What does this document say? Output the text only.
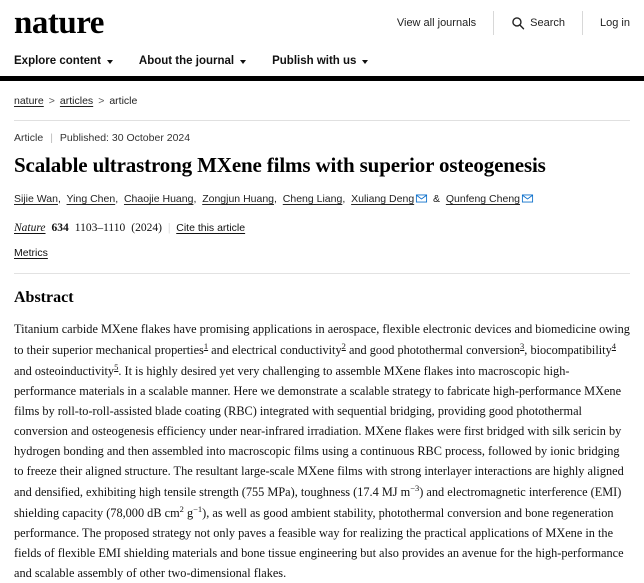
nature	View all journals	Search	Log in
Explore content	About the journal	Publish with us
nature > articles > article
Article | Published: 30 October 2024
Scalable ultrastrong MXene films with superior osteogenesis
Sijie Wan,  Ying Chen,  Chaojie Huang,  Zongjun Huang,  Cheng Liang,  Xuliang Deng & Qunfeng Cheng
Nature 634 1103–1110 (2024) | Cite this article
Metrics
Abstract

Titanium carbide MXene flakes have promising applications in aerospace, flexible electronic devices and biomedicine owing to their superior mechanical properties$^1$ and electrical conductivity$^2$ and good photothermal conversion$^3$, biocompatibility$^4$ and osteoinductivity$^5$. It is highly desired yet very challenging to assemble MXene flakes into macroscopic high-performance materials in a scalable manner. Here we demonstrate a scalable strategy to fabricate high-performance MXene films by roll-to-roll-assisted blade coating (RBC) integrated with sequential bridging, providing good photothermal conversion and osteogenesis efficiency under near-infrared irradiation. MXene flakes were first bridged with silk sericin by hydrogen bonding and then assembled into macroscopic films using a continuous RBC process, followed by ionic bridging to freeze their aligned structure. The resultant large-scale MXene films with strong interlayer interactions are highly aligned and densified, exhibiting high tensile strength (755 MPa), toughness (17.4 MJ $m^{-3}$) and electromagnetic interference (EMI) shielding capacity (78,000 dB $cm^2$ $g^{-1}$), as well as good ambient stability, photothermal conversion and bone regeneration performance. The proposed strategy not only paves a feasible way for realizing the practical applications of MXene in the fields of flexible EMI shielding materials and bone tissue engineering but also provides an avenue for the high-performance and scalable assembly of other two-dimensional flakes.
